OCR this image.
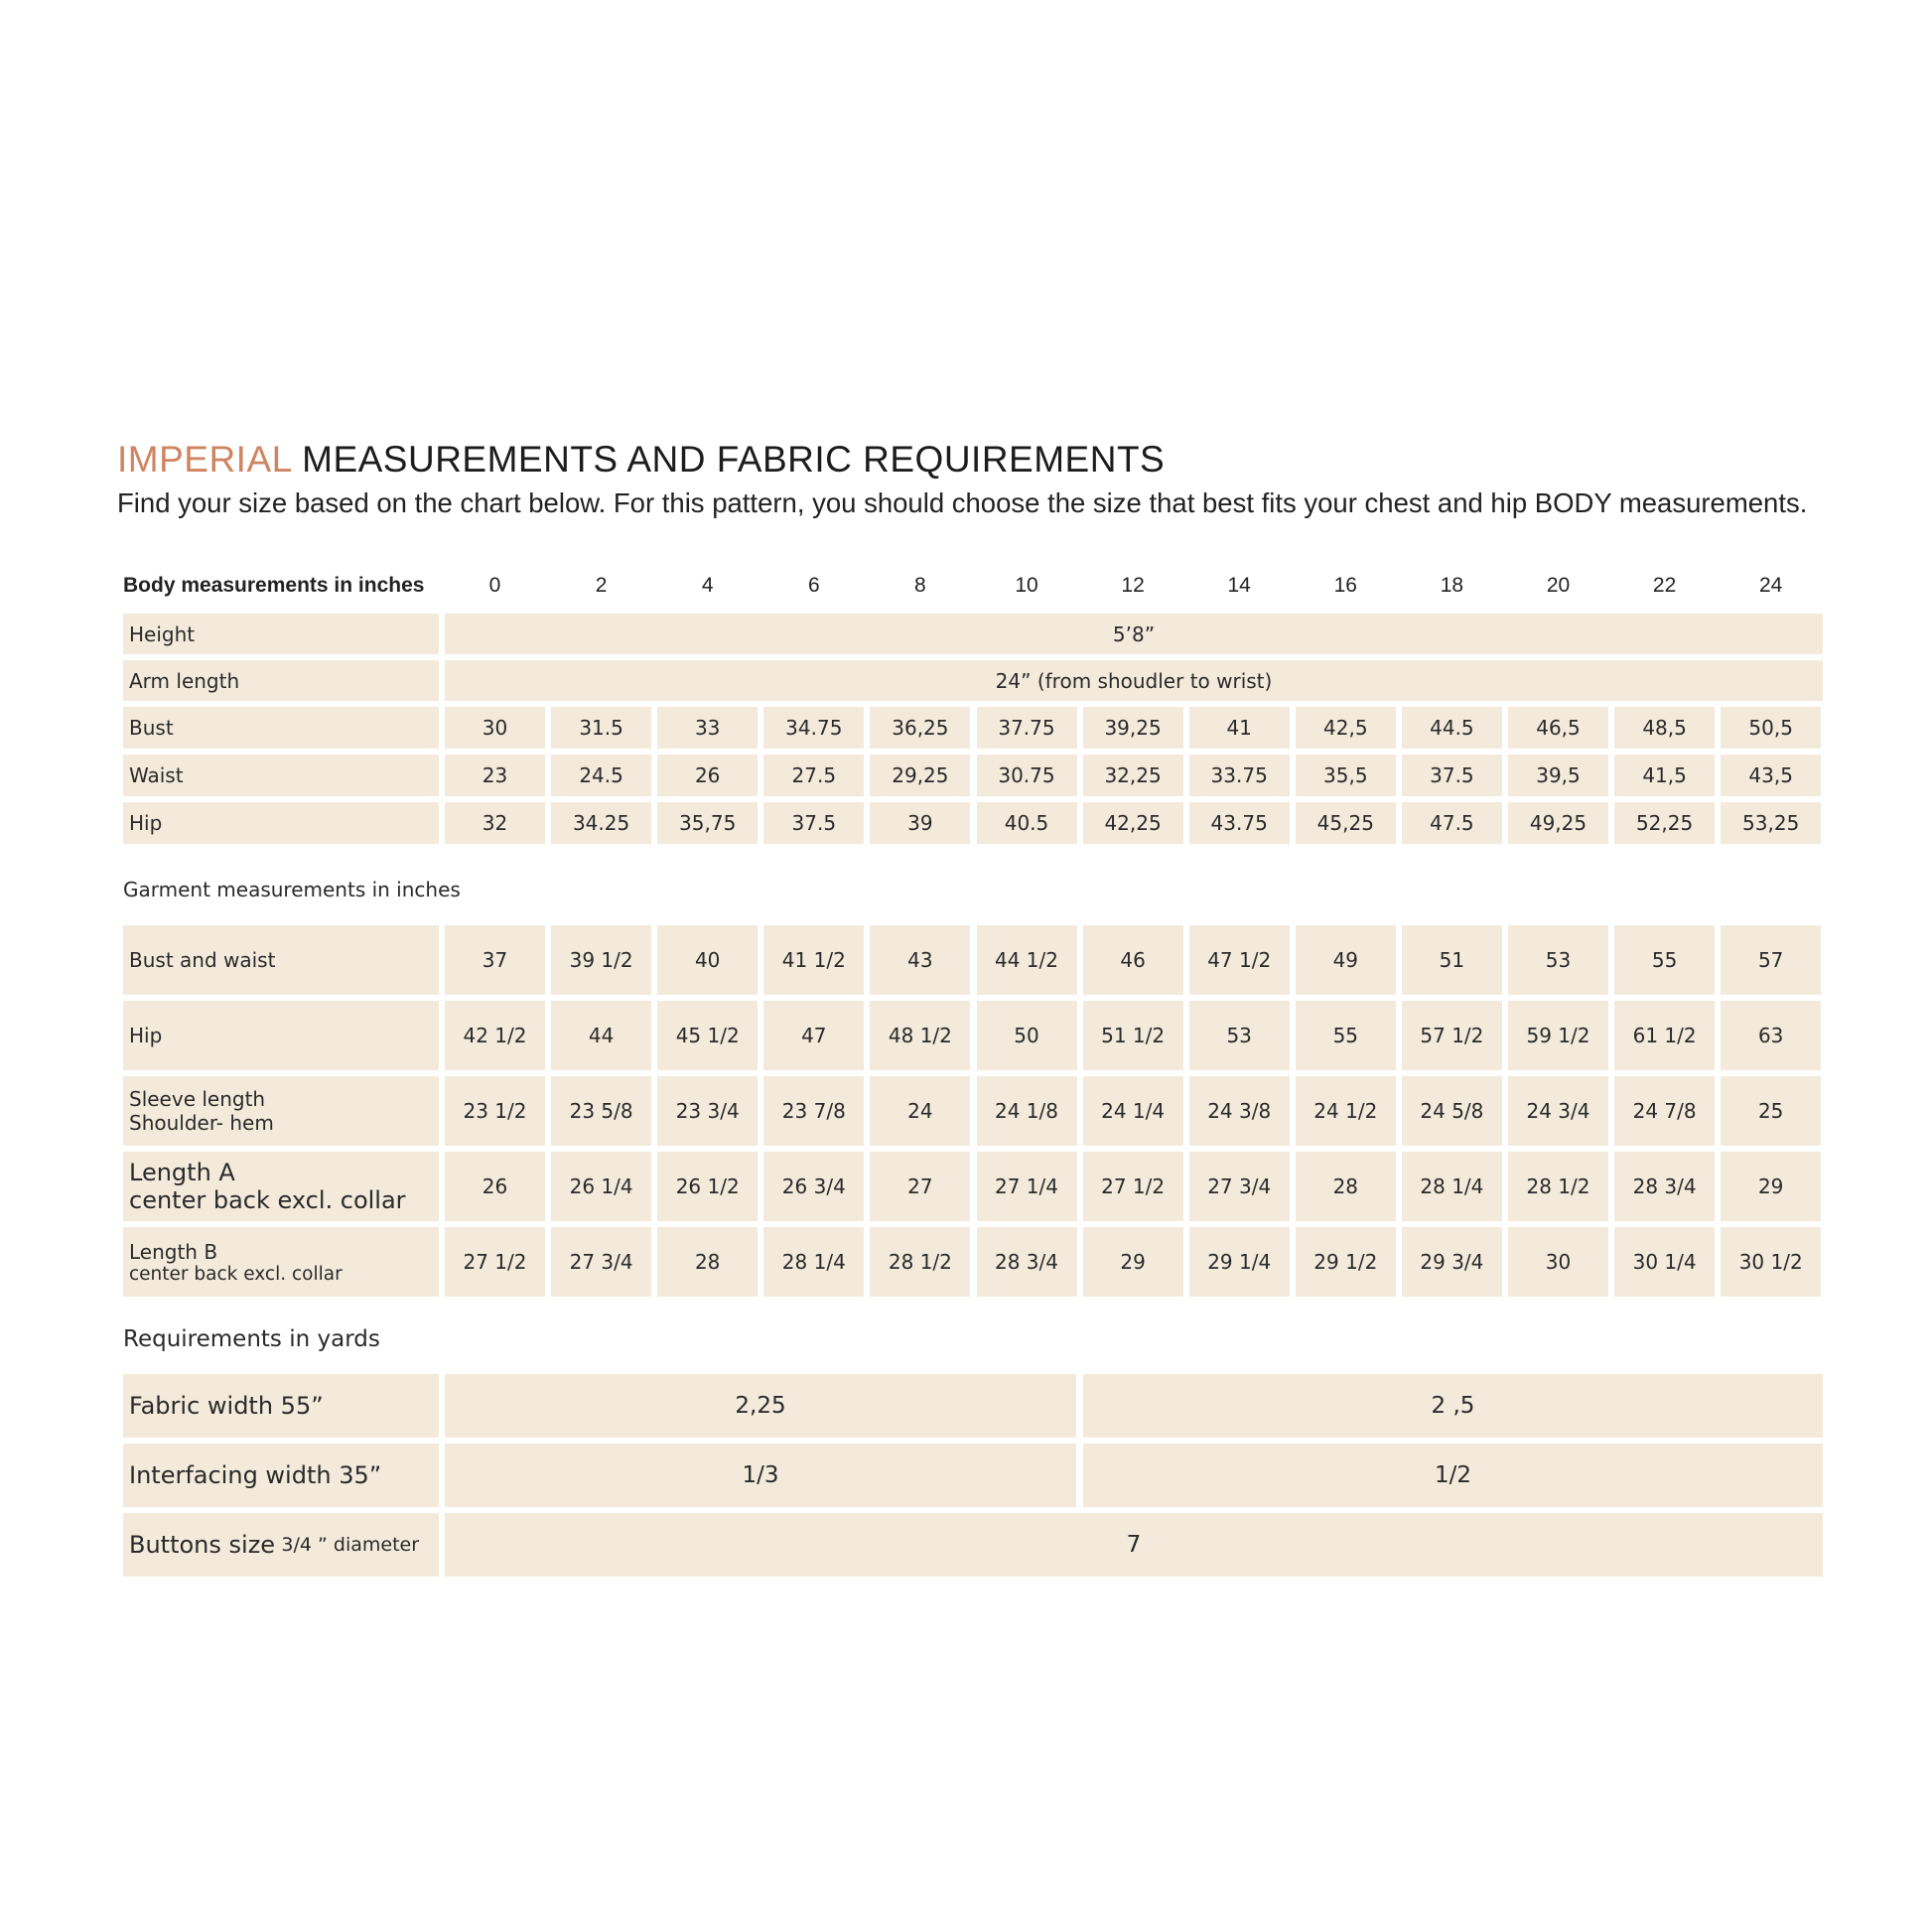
IMPERIAL MEASUREMENTS AND FABRIC REQUIREMENTS
Find your size based on the chart below. For this pattern, you should choose the size that best fits your chest and hip BODY measurements.
Body measurements in inches	0	2	4	6	8	10	12	14	16	18	20	22	24
Height	5’8”
Arm length	24” (from shoudler to wrist)
Bust	30	31.5	33	34.75	36,25	37.75	39,25	41	42,5	44.5	46,5	48,5	50,5
Waist	23	24.5	26	27.5	29,25	30.75	32,25	33.75	35,5	37.5	39,5	41,5	43,5
Hip	32	34.25	35,75	37.5	39	40.5	42,25	43.75	45,25	47.5	49,25	52,25	53,25
Garment measurements in inches
Bust and waist	37	39 1/2	40	41 1/2	43	44 1/2	46	47 1/2	49	51	53	55	57
Hip	42 1/2	44	45 1/2	47	48 1/2	50	51 1/2	53	55	57 1/2	59 1/2	61 1/2	63
Sleeve length
Shoulder- hem	23 1/2	23 5/8	23 3/4	23 7/8	24	24 1/8	24 1/4	24 3/8	24 1/2	24 5/8	24 3/4	24 7/8	25
Length A
center back excl. collar	26	26 1/4	26 1/2	26 3/4	27	27 1/4	27 1/2	27 3/4	28	28 1/4	28 1/2	28 3/4	29
Length B
center back excl. collar	27 1/2	27 3/4	28	28 1/4	28 1/2	28 3/4	29	29 1/4	29 1/2	29 3/4	30	30 1/4	30 1/2
Requirements in yards
Fabric width 55”	2,25	2 ,5
Interfacing width 35”	1/3	1/2
Buttons size
3/4 ” diameter	7
